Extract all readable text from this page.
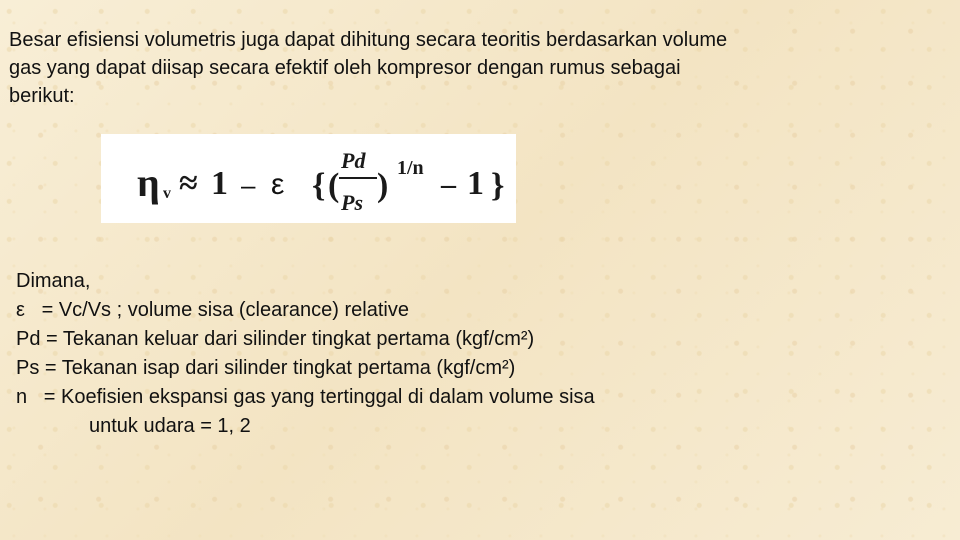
Besar efisiensi volumetris juga dapat dihitung secara teoritis berdasarkan volume
gas yang dapat diisap secara efektif oleh kompresor dengan rumus sebagai
berikut:

η v ≈ 1 – ε { (
Pd
Ps ) 1/n – 1 }
Dimana,
ε   = Vc/Vs ; volume sisa (clearance) relative
Pd = Tekanan keluar dari silinder tingkat pertama (kgf/cm²)
Ps = Tekanan isap dari silinder tingkat pertama (kgf/cm²)
n   = Koefisien ekspansi gas yang tertinggal di dalam volume sisa
untuk udara = 1, 2
